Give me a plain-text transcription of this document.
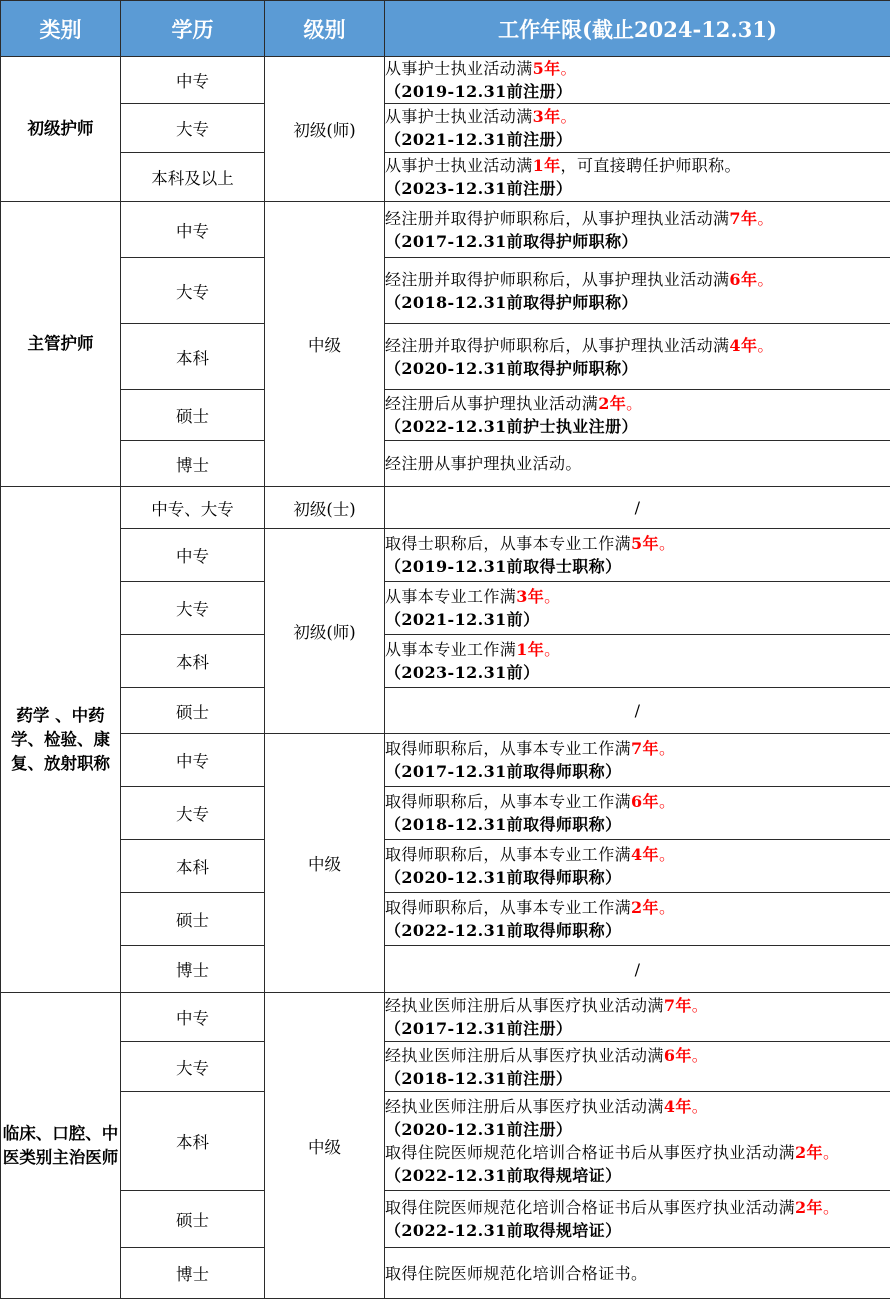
类别	学历	级别	工作年限(截止2024-12.31)
初级护师	中专	初级(师)	从事护士执业活动满5年。
（2019-12.31前注册）

	大专		从事护士执业活动满3年。
（2021-12.31前注册）

	本科及以上		从事护士执业活动满1年，可直接聘任护师职称。
（2023-12.31前注册）

主管护师	中专	中级	经注册并取得护师职称后，从事护理执业活动满7年。
（2017-12.31前取得护师职称）

	大专		经注册并取得护师职称后，从事护理执业活动满6年。
（2018-12.31前取得护师职称）

	本科		经注册并取得护师职称后，从事护理执业活动满4年。
（2020-12.31前取得护师职称）

	硕士		经注册后从事护理执业活动满2年。
（2022-12.31前护士执业注册）

	博士		经注册从事护理执业活动。

药学 、中药学、检验、康复、放射职称	中专、大专	初级(士)	/
	中专	初级(师)	取得士职称后，从事本专业工作满5年。
（2019-12.31前取得士职称）

	大专		从事本专业工作满3年。
（2021-12.31前）

	本科		从事本专业工作满1年。
（2023-12.31前）

	硕士		/
	中专	中级	取得师职称后，从事本专业工作满7年。
（2017-12.31前取得师职称）

	大专		取得师职称后，从事本专业工作满6年。
（2018-12.31前取得师职称）

	本科		取得师职称后，从事本专业工作满4年。
（2020-12.31前取得师职称）

	硕士		取得师职称后，从事本专业工作满2年。
（2022-12.31前取得师职称）

	博士		/
临床、口腔、中医类别主治医师	中专	中级	经执业医师注册后从事医疗执业活动满7年。
（2017-12.31前注册）

	大专		经执业医师注册后从事医疗执业活动满6年。
（2018-12.31前注册）

	本科		经执业医师注册后从事医疗执业活动满4年。
（2020-12.31前注册）
取得住院医师规范化培训合格证书后从事医疗执业活动满2年。
（2022-12.31前取得规培证）

	硕士		取得住院医师规范化培训合格证书后从事医疗执业活动满2年。
（2022-12.31前取得规培证）

	博士		取得住院医师规范化培训合格证书。
